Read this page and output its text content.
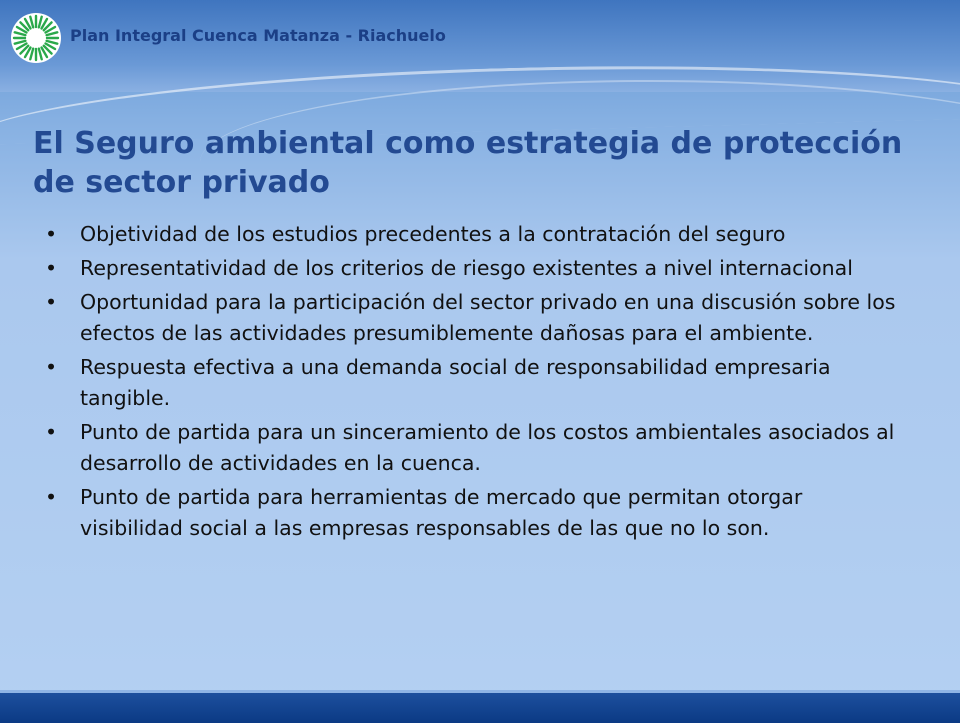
Plan Integral Cuenca Matanza - Riachuelo
El Seguro ambiental como estrategia de protección de sector privado
• Objetividad de los estudios precedentes a la contratación del seguro
• Representatividad de los criterios de riesgo existentes a nivel internacional
• Oportunidad para la participación del sector privado en una discusión sobre los efectos de las actividades presumiblemente dañosas para el ambiente.
• Respuesta efectiva a una demanda social de responsabilidad empresaria tangible.
• Punto de partida para un sinceramiento de los costos ambientales asociados al desarrollo de actividades en la cuenca.
• Punto de partida para herramientas de mercado que permitan otorgar visibilidad social a las empresas responsables de las que no lo son.
